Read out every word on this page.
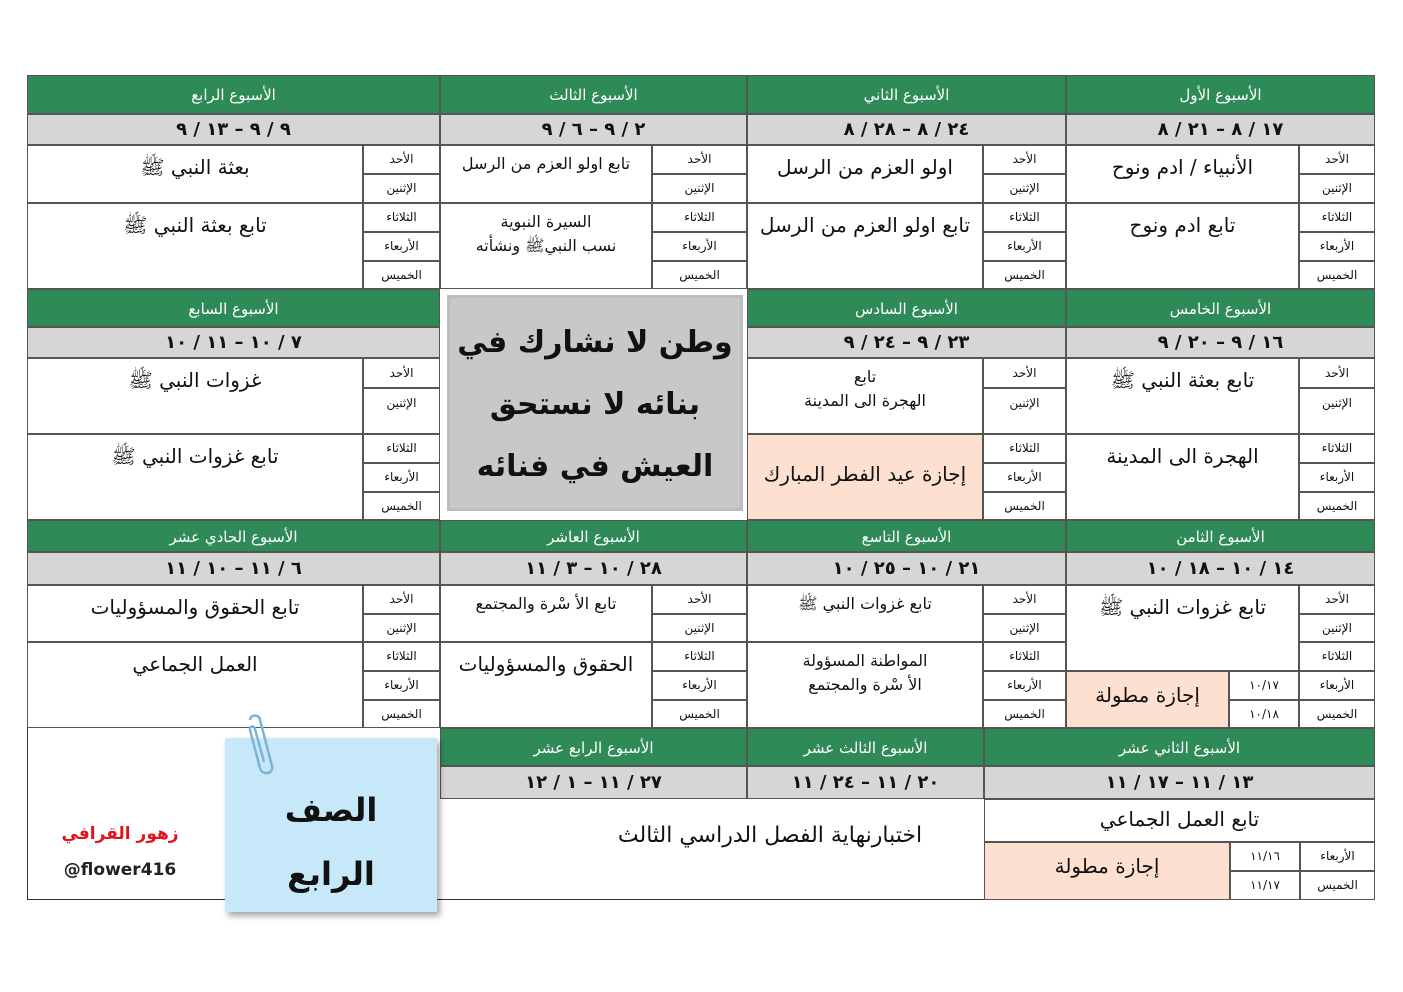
الأسبوع الأول
١٧ / ٨ – ٢١ / ٨
الأنبياء / ادم ونوح
تابع ادم ونوح
الأحد
الإثنين
الثلاثاء
الأربعاء
الخميس
الأسبوع الثاني
٢٤ / ٨ – ٢٨ / ٨
اولو العزم من الرسل
تابع اولو العزم من الرسل
الأحد
الإثنين
الثلاثاء
الأربعاء
الخميس
الأسبوع الثالث
٢ / ٩ – ٦ / ٩
تابع اولو العزم من الرسل
السيرة النبوية
نسب النبيﷺ ونشأته
الأحد
الإثنين
الثلاثاء
الأربعاء
الخميس
الأسبوع الرابع
٩ / ٩ – ١٣ / ٩
بعثة النبي ﷺ
تابع بعثة النبي ﷺ
الأحد
الإثنين
الثلاثاء
الأربعاء
الخميس
الأسبوع الخامس
١٦ / ٩ – ٢٠ / ٩
تابع بعثة النبي ﷺ
الهجرة الى المدينة
الأحد
الإثنين
الثلاثاء
الأربعاء
الخميس
الأسبوع السادس
٢٣ / ٩ – ٢٤ / ٩
تابع
الهجرة الى المدينة
إجازة عيد الفطر المبارك
الأحد
الإثنين
الثلاثاء
الأربعاء
الخميس
وطن لا نشارك في
بنائه لا نستحق
العيش في فنائه
الأسبوع السابع
٧ / ١٠ – ١١ / ١٠
غزوات النبي ﷺ
تابع غزوات النبي ﷺ
الأحد
الإثنين
الثلاثاء
الأربعاء
الخميس
الأسبوع الثامن
١٤ / ١٠ – ١٨ / ١٠
تابع غزوات النبي ﷺ
إجازة مطولة	١٠/١٧
١٠/١٨
الأحد
الإثنين
الثلاثاء
الأربعاء
الخميس
الأسبوع التاسع
٢١ / ١٠ – ٢٥ / ١٠
تابع غزوات النبي ﷺ
المواطنة المسؤولة
الأ سْرة والمجتمع
الأحد
الإثنين
الثلاثاء
الأربعاء
الخميس
الأسبوع العاشر
٢٨ / ١٠ – ٣ / ١١
تابع الأ سْرة والمجتمع
الحقوق والمسؤوليات
الأحد
الإثنين
الثلاثاء
الأربعاء
الخميس
الأسبوع الحادي عشر
٦ / ١١ – ١٠ / ١١
تابع الحقوق والمسؤوليات
العمل الجماعي
الأحد
الإثنين
الثلاثاء
الأربعاء
الخميس
الأسبوع الثاني عشر
١٣ / ١١ – ١٧ / ١١
تابع العمل الجماعي
إجازة مطولة	١١/١٦
١١/١٧
الأربعاء
الخميس
الأسبوع الثالث عشر
٢٠ / ١١ – ٢٤ / ١١
الأسبوع الرابع عشر
٢٧ / ١١ – ١ / ١٢
اختبارنهاية الفصل الدراسي الثالث
زهور القرافي
@flower416
الصف
الرابع
